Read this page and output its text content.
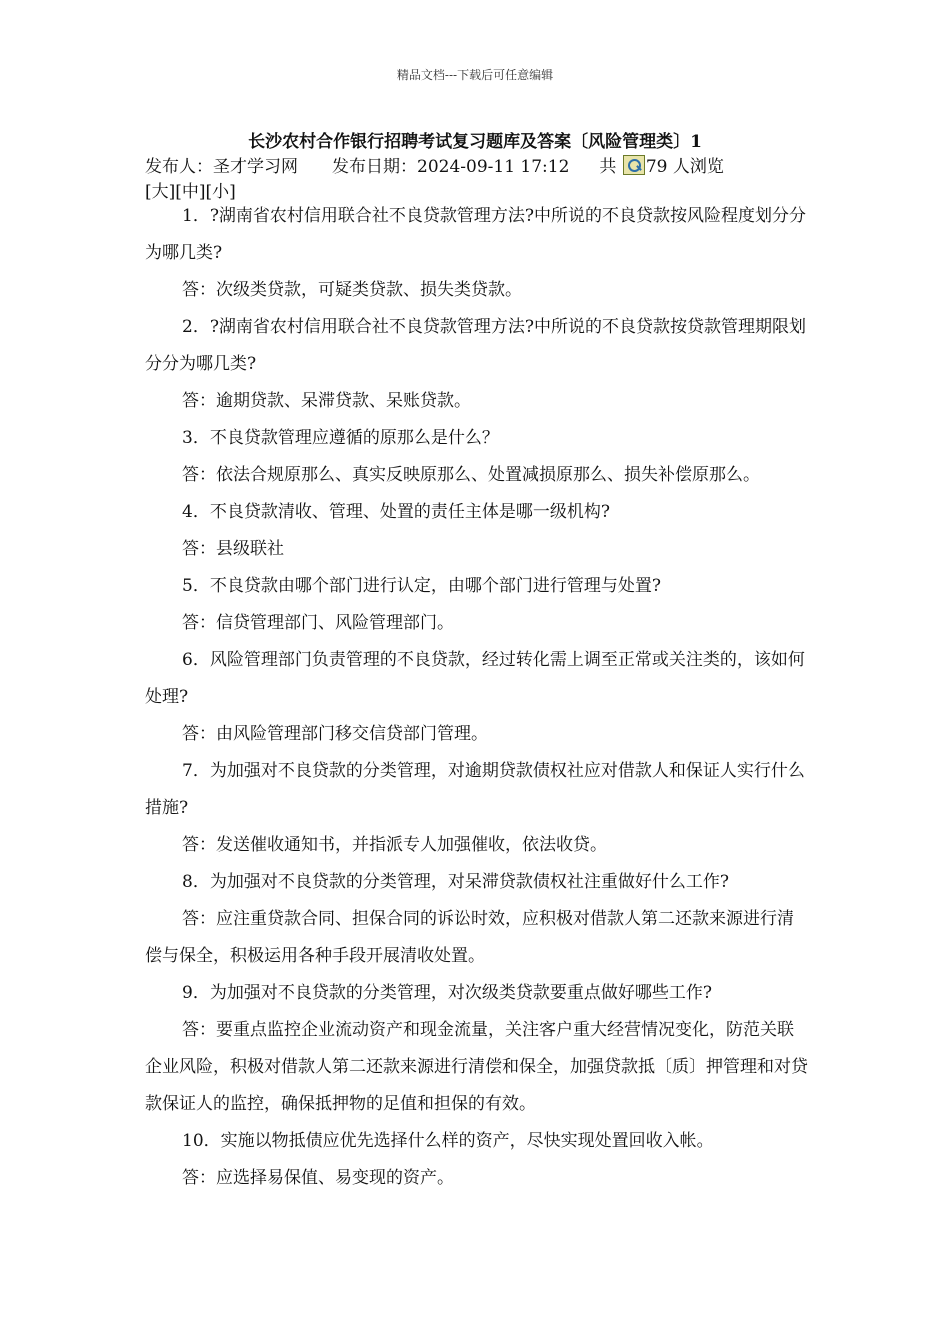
精品文档---下载后可任意编辑
长沙农村合作银行招聘考试复习题库及答案〔风险管理类〕1
发布人：圣才学习网 发布日期：2024-09-11 17:12 共 79 人浏览
[大][中][小]

1．?湖南省农村信用联合社不良贷款管理方法?中所说的不良贷款按风险程度划分分为哪几类?

答：次级类贷款，可疑类贷款、损失类贷款。

2．?湖南省农村信用联合社不良贷款管理方法?中所说的不良贷款按贷款管理期限划分分为哪几类?

答：逾期贷款、呆滞贷款、呆账贷款。

3．不良贷款管理应遵循的原那么是什么？

答：依法合规原那么、真实反映原那么、处置减损原那么、损失补偿原那么。

4．不良贷款清收、管理、处置的责任主体是哪一级机构?

答：县级联社

5．不良贷款由哪个部门进行认定，由哪个部门进行管理与处置?

答：信贷管理部门、风险管理部门。

6．风险管理部门负责管理的不良贷款，经过转化需上调至正常或关注类的，该如何处理?

答：由风险管理部门移交信贷部门管理。

7．为加强对不良贷款的分类管理，对逾期贷款债权社应对借款人和保证人实行什么措施?

答：发送催收通知书，并指派专人加强催收，依法收贷。

8．为加强对不良贷款的分类管理，对呆滞贷款债权社注重做好什么工作?

答：应注重贷款合同、担保合同的诉讼时效，应积极对借款人第二还款来源进行清偿与保全，积极运用各种手段开展清收处置。

9．为加强对不良贷款的分类管理，对次级类贷款要重点做好哪些工作?

答：要重点监控企业流动资产和现金流量，关注客户重大经营情况变化，防范关联企业风险，积极对借款人第二还款来源进行清偿和保全，加强贷款抵〔质〕押管理和对贷款保证人的监控，确保抵押物的足值和担保的有效。

10．实施以物抵债应优先选择什么样的资产，尽快实现处置回收入帐。

答：应选择易保值、易变现的资产。
